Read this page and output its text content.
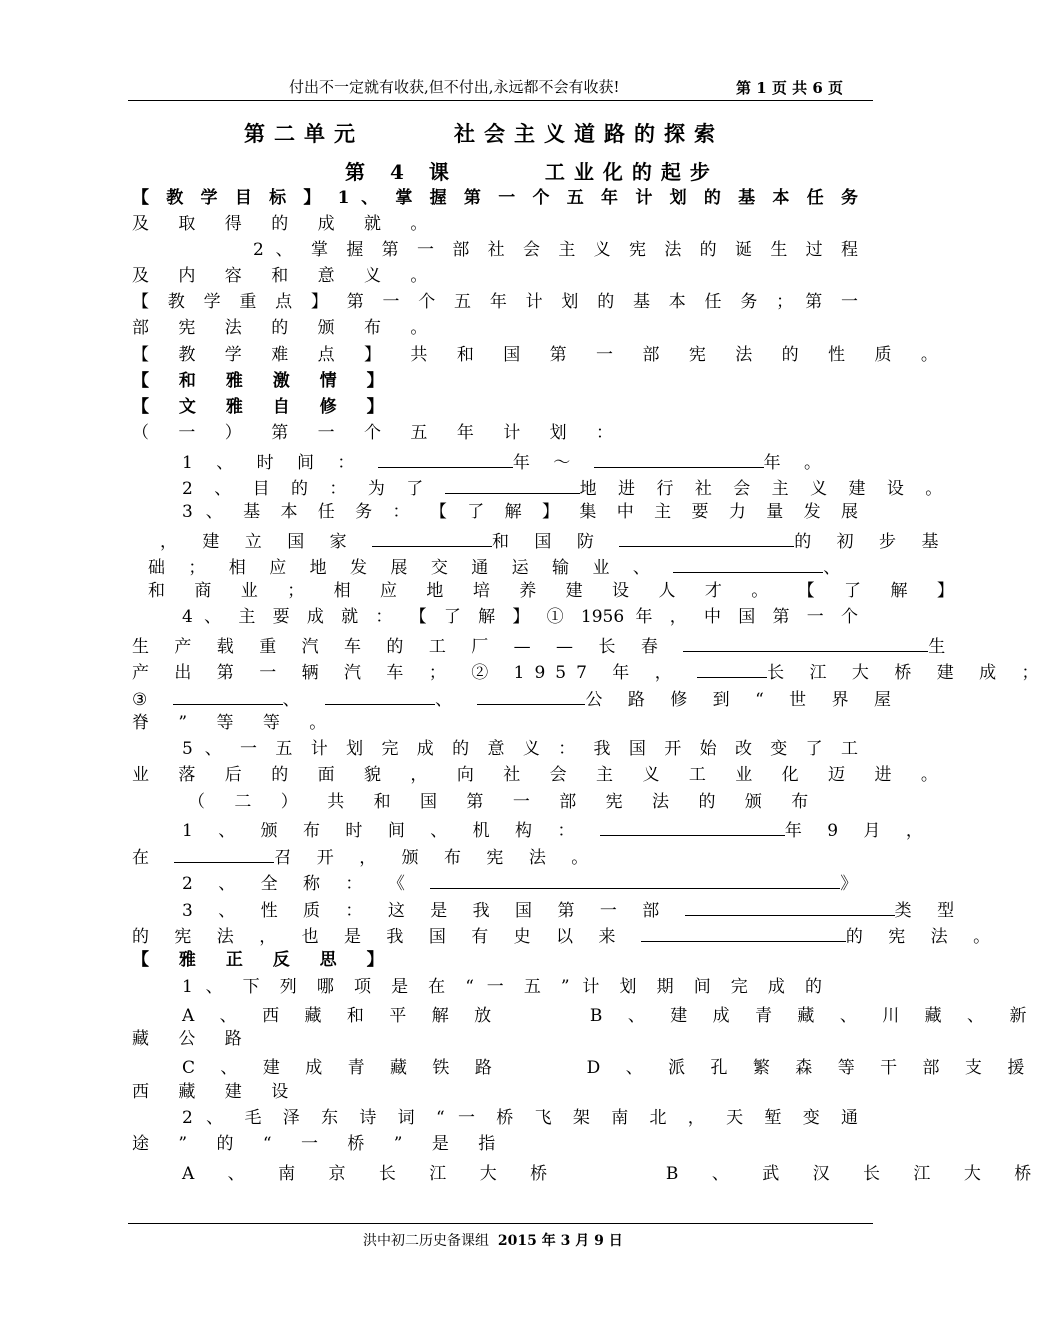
付出不一定就有收获,但不付出,永远都不会有收获!	第 1 页 共 6 页
第二单元　　　社会主义道路的探索
第 4 课　　　工业化的起步
【 教 学 目 标 】 1 、 掌 握 第 一 个 五 年 计 划 的 基 本 任 务
及 取 得 的 成 就 。
2 、 掌 握 第 一 部 社 会 主 义 宪 法 的 诞 生 过 程
及 内 容 和 意 义 。
【 教 学 重 点 】 第 一 个 五 年 计 划 的 基 本 任 务 ； 第 一
部 宪 法 的 颁 布 。
【 教 学 难 点 】 共 和 国 第 一 部 宪 法 的 性 质 。
【 和 雅 激 情 】
【 文 雅 自 修 】
（ 一 ） 第 一 个 五 年 计 划 ：
1 、 时 间 ：	年 ～	年 。
2 、 目 的 ： 为 了	地 进 行 社 会 主 义 建 设 。
3 、 基 本 任 务 ： 【 了 解 】 集 中 主 要 力 量 发 展
， 建 立 国 家	和 国 防	的 初 步 基
础 ； 相 应 地 发 展 交 通 运 输 业 、	、
和 商 业 ； 相 应 地 培 养 建 设 人 才 。 【 了 解 】
4 、 主 要 成 就 ： 【 了 解 】 ① 1956 年 ， 中 国 第 一 个
生 产 载 重 汽 车 的 工 厂 — — 长 春	生
产 出 第 一 辆 汽 车 ； ② 1957 年 ，	长 江 大 桥 建 成 ；
③	、	、	公 路 修 到 “ 世 界 屋
脊 ” 等 等 。
5 、 一 五 计 划 完 成 的 意 义 ： 我 国 开 始 改 变 了 工
业 落 后 的 面 貌 ， 向 社 会 主 义 工 业 化 迈 进 。
（ 二 ） 共 和 国 第 一 部 宪 法 的 颁 布
1 、 颁 布 时 间 、 机 构 ：	年 9 月 ，
在	召 开 ， 颁 布 宪 法 。
2 、 全 称 ： 《	》
3 、 性 质 ： 这 是 我 国 第 一 部	类 型
的 宪 法 ， 也 是 我 国 有 史 以 来	的 宪 法 。
【 雅 正 反 思 】
1 、 下 列 哪 项 是 在 “ 一 五 ” 计 划 期 间 完 成 的
A 、 西 藏 和 平 解 放	B 、 建 成 青 藏 、 川 藏 、 新
藏 公 路
C 、 建 成 青 藏 铁 路	D 、 派 孔 繁 森 等 干 部 支 援
西 藏 建 设
2 、 毛 泽 东 诗 词 “ 一 桥 飞 架 南 北 ， 天 堑 变 通
途 ” 的 “ 一 桥 ” 是 指
A 、 南 京 长 江 大 桥	B 、 武 汉 长 江 大 桥
洪中初二历史备课组 2015 年 3 月 9 日
